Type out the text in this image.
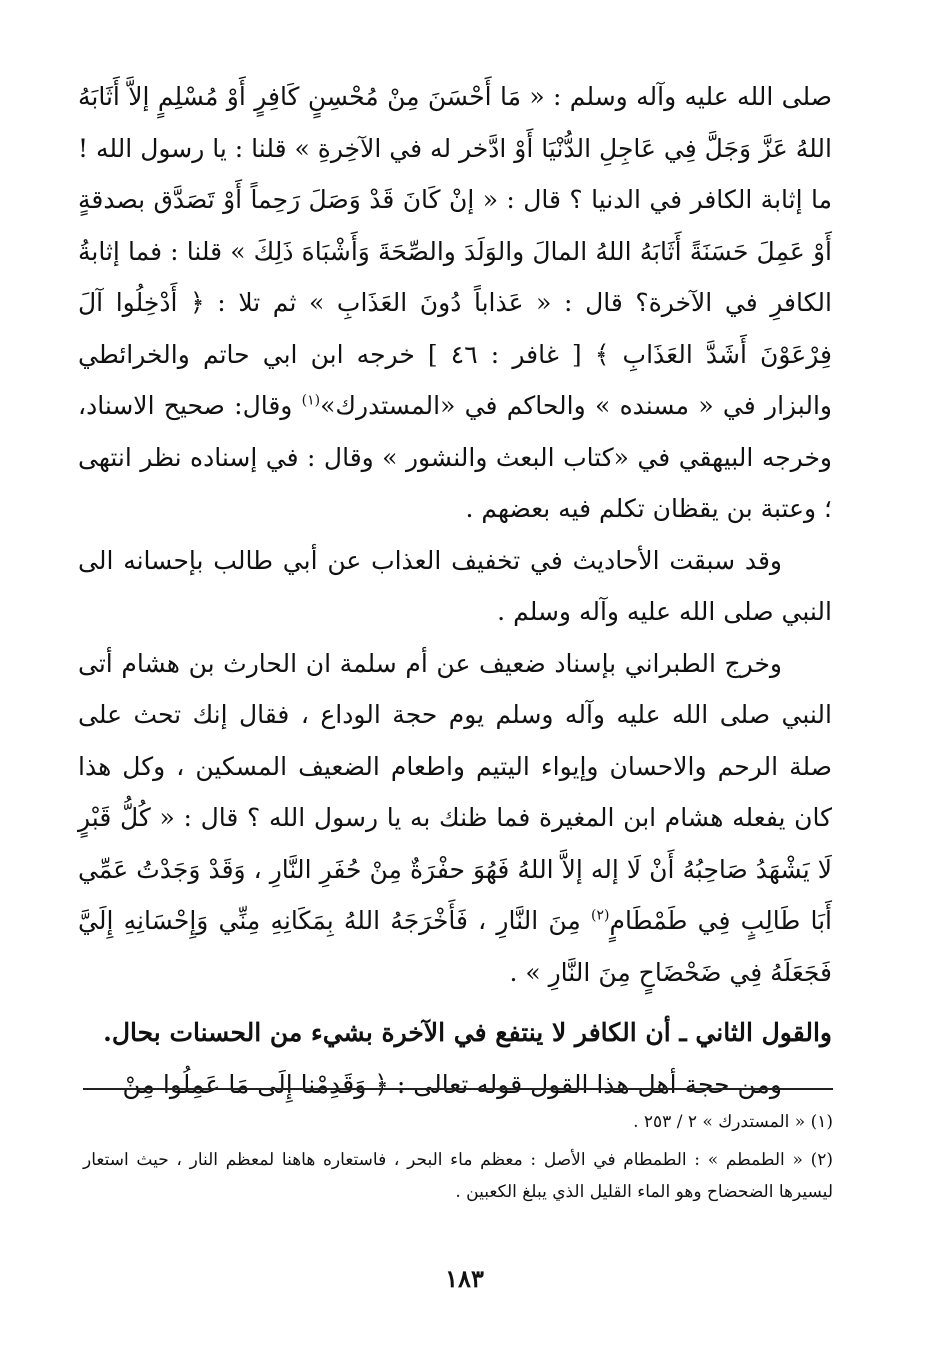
صلى الله عليه وآله وسلم : « مَا أَحْسَنَ مِنْ مُحْسِنٍ كَافِرٍ أَوْ مُسْلِمٍ إلاَّ أَثَابَهُ اللهُ عَزَّ وَجَلَّ فِي عَاجِلِ الدُّنْيَا أَوْ ادَّخر له في الآخِرةِ » قلنا : يا رسول الله ! ما إثابة الكافر في الدنيا ؟ قال : « إنْ كَانَ قَدْ وَصَلَ رَحِماً أَوْ تَصَدَّق بصدقةٍ أَوْ عَمِلَ حَسَنَةً أَثَابَهُ اللهُ المالَ والوَلَدَ والصِّحَةَ وَأَشْبَاهَ ذَلِكَ » قلنا : فما إثابةُ الكافرِ في الآخرة؟ قال : « عَذاباً دُونَ العَذَابِ » ثم تلا : ﴿ أَدْخِلُوا آلَ فِرْعَوْنَ أَشَدَّ العَذَابِ ﴾ [ غافر : ٤٦ ] خرجه ابن ابي حاتم والخرائطي والبزار في « مسنده » والحاكم في «المستدرك»$^{(١)}$ وقال: صحيح الاسناد، وخرجه البيهقي في «كتاب البعث والنشور » وقال : في إسناده نظر انتهى ؛ وعتبة بن يقظان تكلم فيه بعضهم .

وقد سبقت الأحاديث في تخفيف العذاب عن أبي طالب بإحسانه الى النبي صلى الله عليه وآله وسلم .

وخرج الطبراني بإسناد ضعيف عن أم سلمة ان الحارث بن هشام أتى النبي صلى الله عليه وآله وسلم يوم حجة الوداع ، فقال إنك تحث على صلة الرحم والاحسان وإيواء اليتيم واطعام الضعيف المسكين ، وكل هذا كان يفعله هشام ابن المغيرة فما ظنك به يا رسول الله ؟ قال : « كُلُّ قَبْرٍ لَا يَشْهَدُ صَاحِبُهُ أَنْ لَا إله إلاَّ اللهُ فَهُوَ حفْرَةٌ مِنْ حُفَرِ النَّارِ ، وَقَدْ وَجَدْتُ عَمِّي أَبَا طَالِبٍ فِي طَمْطَامٍ$^{(٢)}$ مِنَ النَّارِ ، فَأَخْرَجَهُ اللهُ بِمَكَانِهِ مِنِّي وَإِحْسَانِهِ إِلَيَّ فَجَعَلَهُ فِي ضَحْضَاحٍ مِنَ النَّارِ » .

والقول الثاني ـ أن الكافر لا ينتفع في الآخرة بشيء من الحسنات بحال.

ومن حجة أهل هذا القول قوله تعالى : ﴿ وَقَدِمْنا إِلَى مَا عَمِلُوا مِنْ

(١) « المستدرك » ٢ / ٢٥٣ .

(٢) « الطمطم » : الطمطام في الأصل : معظم ماء البحر ، فاستعاره هاهنا لمعظم النار ، حيث استعار ليسيرها الضحضاح وهو الماء القليل الذي يبلغ الكعبين .

١٨٣
